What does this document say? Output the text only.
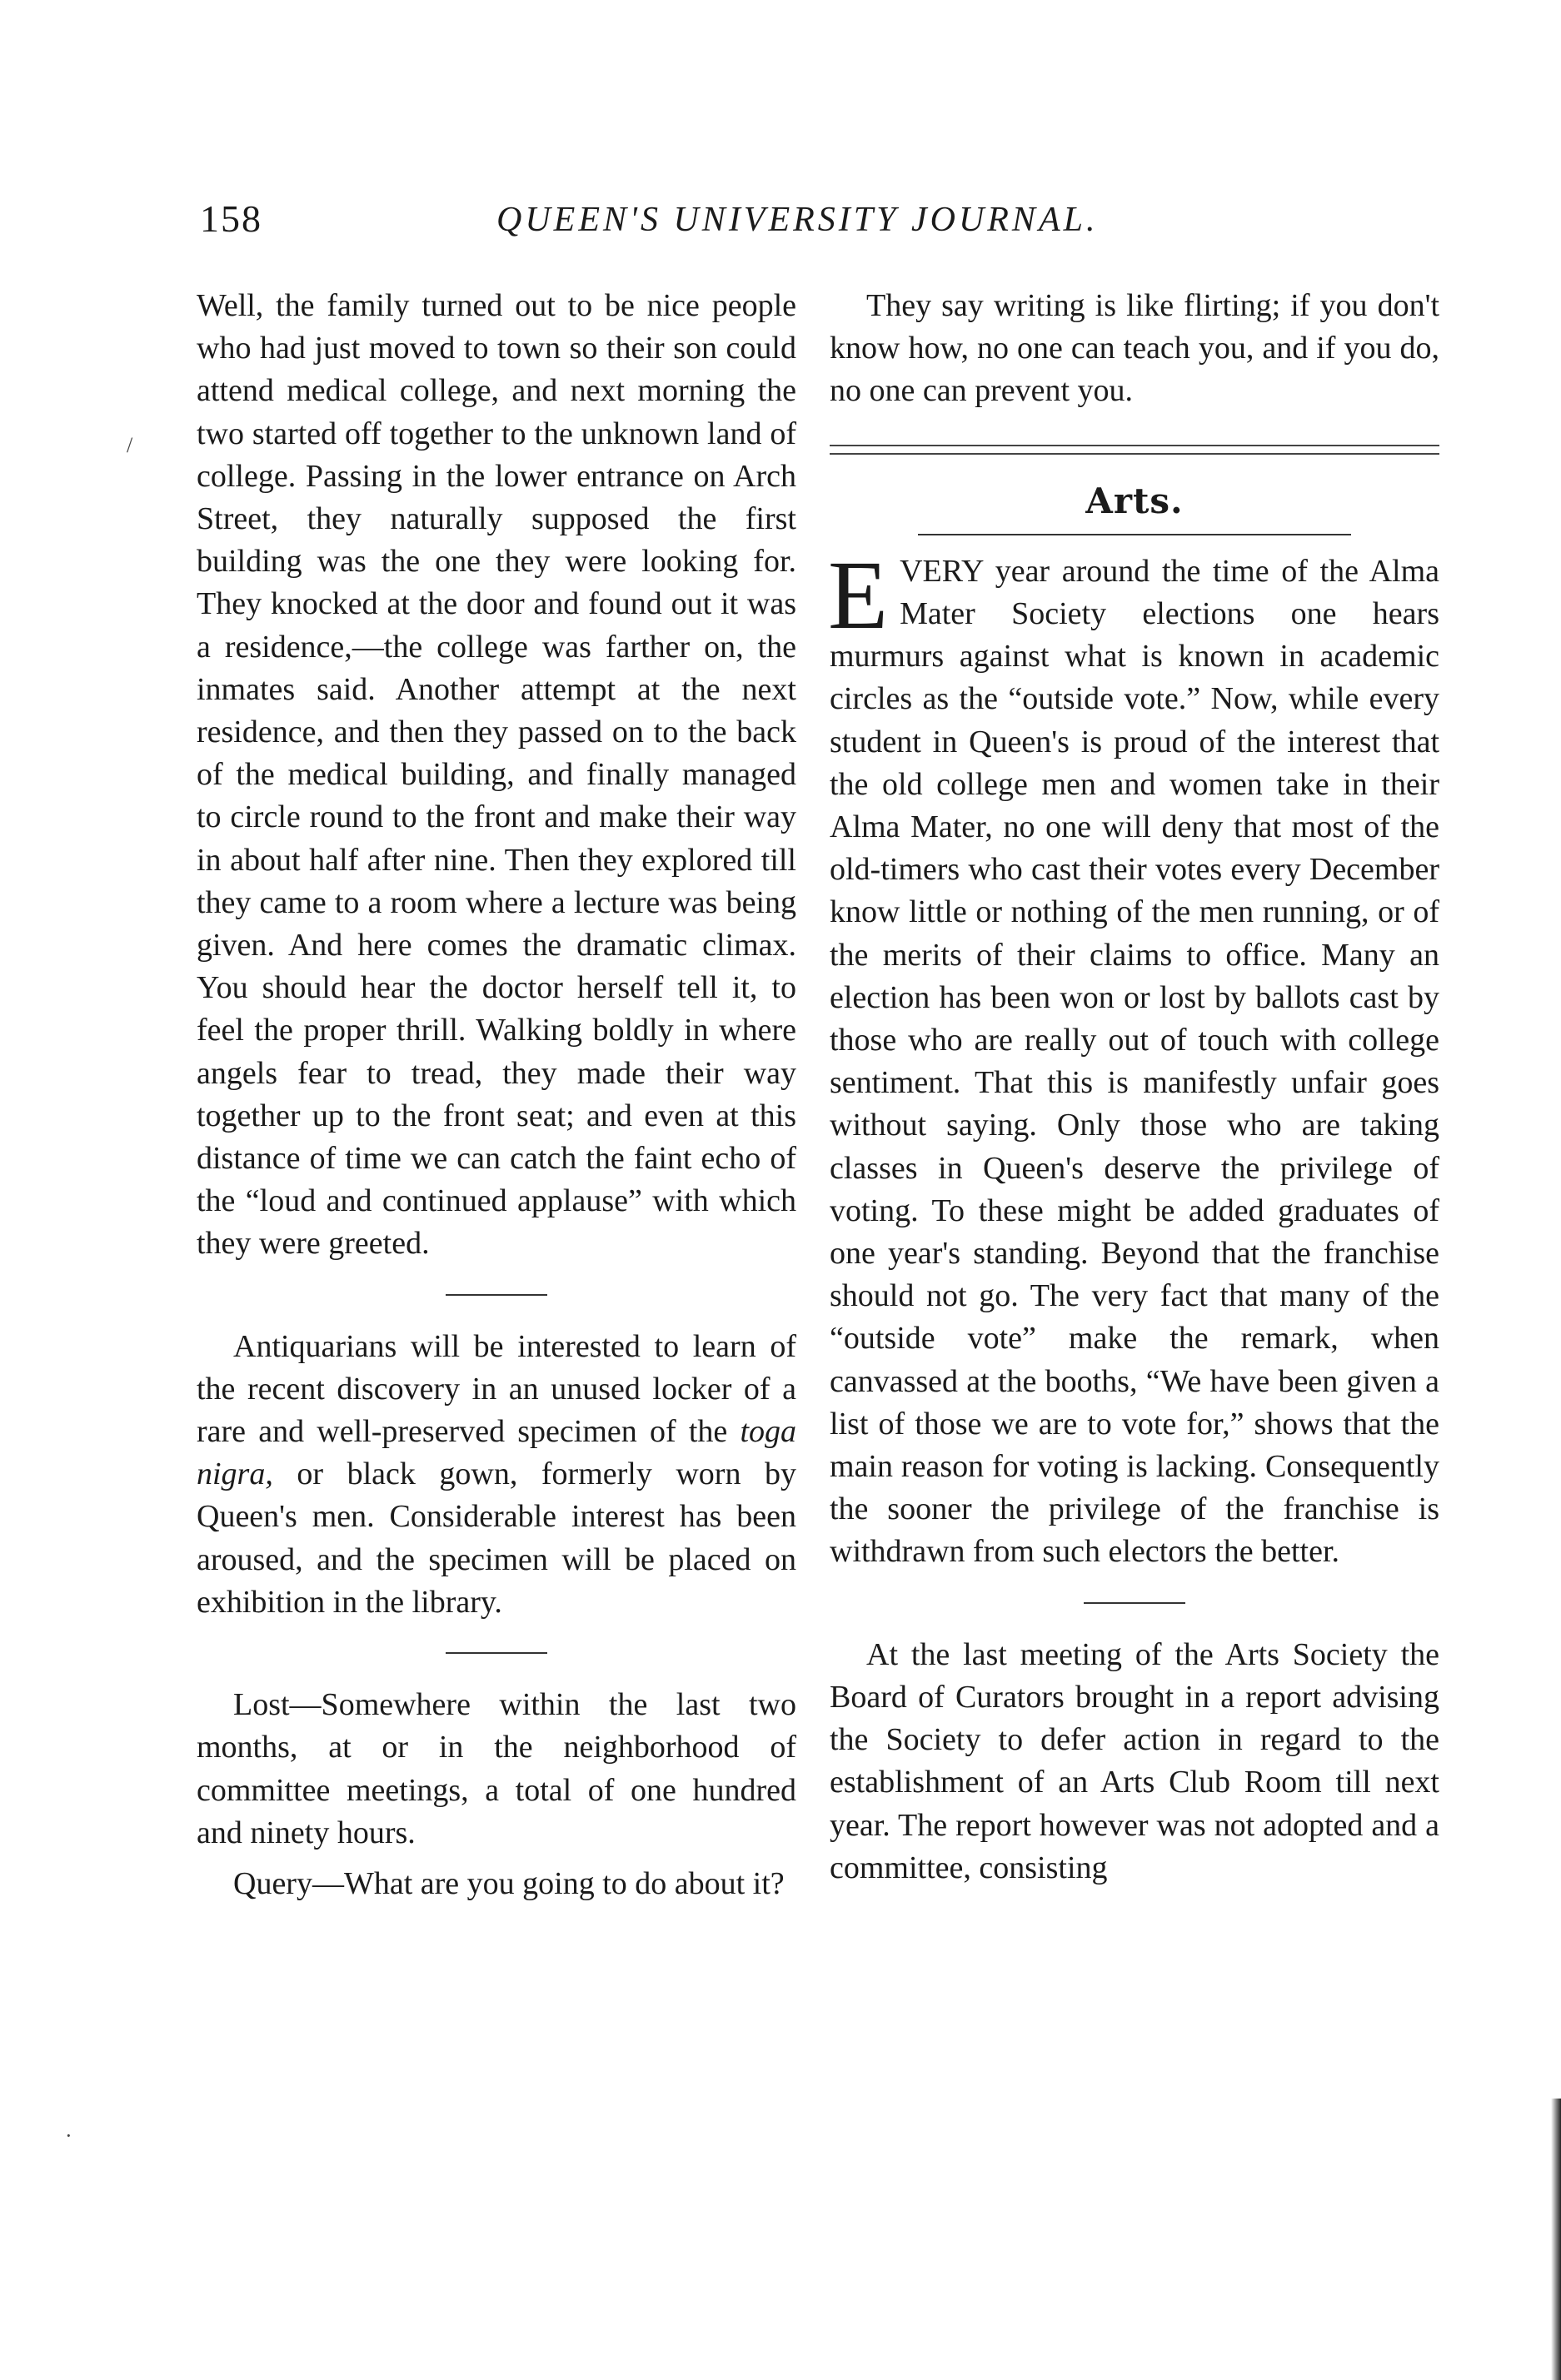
158	QUEEN'S UNIVERSITY JOURNAL.

Well, the family turned out to be nice people who had just moved to town so their son could attend medical college, and next morning the two started off together to the unknown land of college. Passing in the lower entrance on Arch Street, they naturally supposed the first building was the one they were looking for. They knocked at the door and found out it was a residence,—the college was farther on, the inmates said. Another attempt at the next residence, and then they passed on to the back of the medical building, and finally managed to circle round to the front and make their way in about half after nine. Then they explored till they came to a room where a lecture was being given. And here comes the dramatic climax. You should hear the doctor herself tell it, to feel the proper thrill. Walking boldly in where angels fear to tread, they made their way together up to the front seat; and even at this distance of time we can catch the faint echo of the “loud and continued applause” with which they were greeted.

Antiquarians will be interested to learn of the recent discovery in an unused locker of a rare and well-preserved specimen of the toga nigra, or black gown, formerly worn by Queen's men. Considerable interest has been aroused, and the specimen will be placed on exhibition in the library.

Lost—Somewhere within the last two months, at or in the neighborhood of committee meetings, a total of one hundred and ninety hours.

Query—What are you going to do about it?

They say writing is like flirting; if you don't know how, no one can teach you, and if you do, no one can prevent you.

Arts.

EVERY year around the time of the Alma Mater Society elections one hears murmurs against what is known in academic circles as the “outside vote.” Now, while every student in Queen's is proud of the interest that the old college men and women take in their Alma Mater, no one will deny that most of the old-timers who cast their votes every December know little or nothing of the men running, or of the merits of their claims to office. Many an election has been won or lost by ballots cast by those who are really out of touch with college sentiment. That this is manifestly unfair goes without saying. Only those who are taking classes in Queen's deserve the privilege of voting. To these might be added graduates of one year's standing. Beyond that the franchise should not go. The very fact that many of the “outside vote” make the remark, when canvassed at the booths, “We have been given a list of those we are to vote for,” shows that the main reason for voting is lacking. Consequently the sooner the privilege of the franchise is withdrawn from such electors the better.

At the last meeting of the Arts Society the Board of Curators brought in a report advising the Society to defer action in regard to the establishment of an Arts Club Room till next year. The report however was not adopted and a committee, consisting

/
·
